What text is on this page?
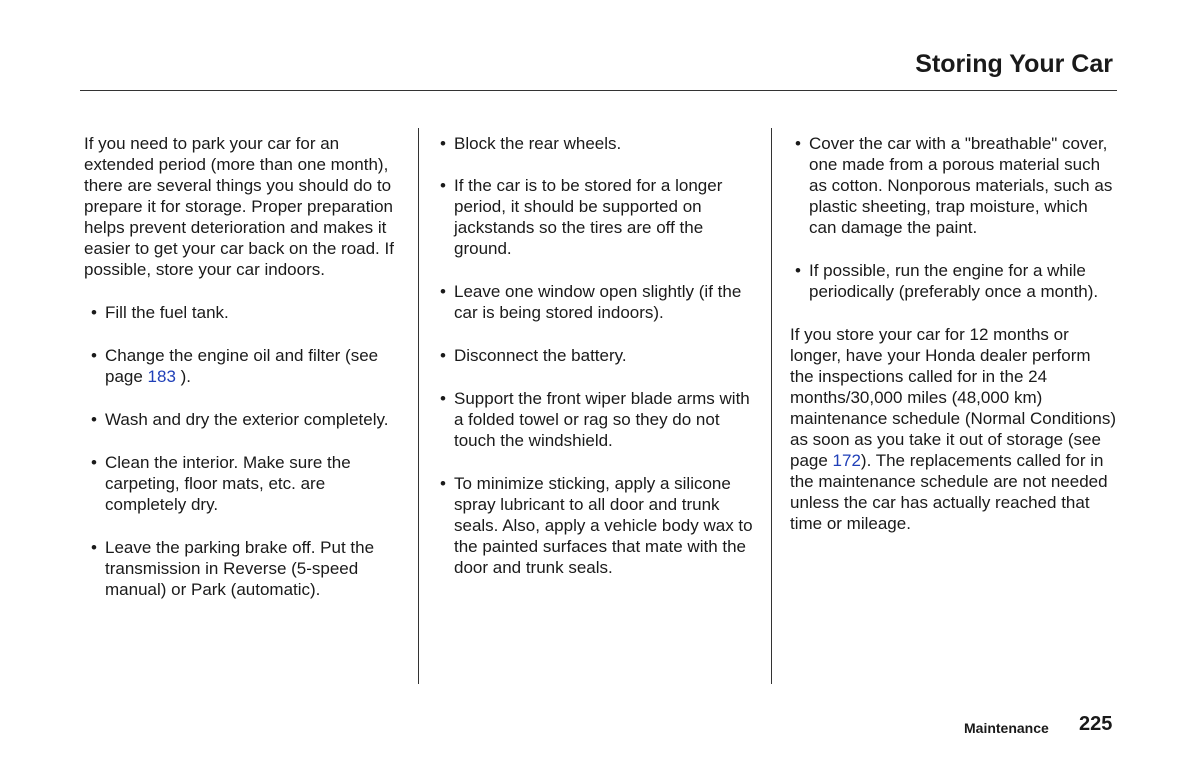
Storing Your Car

If you need to park your car for an extended period (more than one month), there are several things you should do to prepare it for storage. Proper preparation helps prevent deterioration and makes it easier to get your car back on the road. If possible, store your car indoors.

• Fill the fuel tank.
• Change the engine oil and filter (see page 183 ).
• Wash and dry the exterior completely.
• Clean the interior. Make sure the carpeting, floor mats, etc. are completely dry.
• Leave the parking brake off. Put the transmission in Reverse (5-speed manual) or Park (automatic).
• Block the rear wheels.
• If the car is to be stored for a longer period, it should be supported on jackstands so the tires are off the ground.
• Leave one window open slightly (if the car is being stored indoors).
• Disconnect the battery.
• Support the front wiper blade arms with a folded towel or rag so they do not touch the windshield.
• To minimize sticking, apply a silicone spray lubricant to all door and trunk seals. Also, apply a vehicle body wax to the painted surfaces that mate with the door and trunk seals.
• Cover the car with a "breathable" cover, one made from a porous material such as cotton. Nonporous materials, such as plastic sheeting, trap moisture, which can damage the paint.
• If possible, run the engine for a while periodically (preferably once a month).

If you store your car for 12 months or longer, have your Honda dealer perform the inspections called for in the 24 months/30,000 miles (48,000 km) maintenance schedule (Normal Conditions) as soon as you take it out of storage (see page 172). The replacements called for in the maintenance schedule are not needed unless the car has actually reached that time or mileage.

Maintenance 225
